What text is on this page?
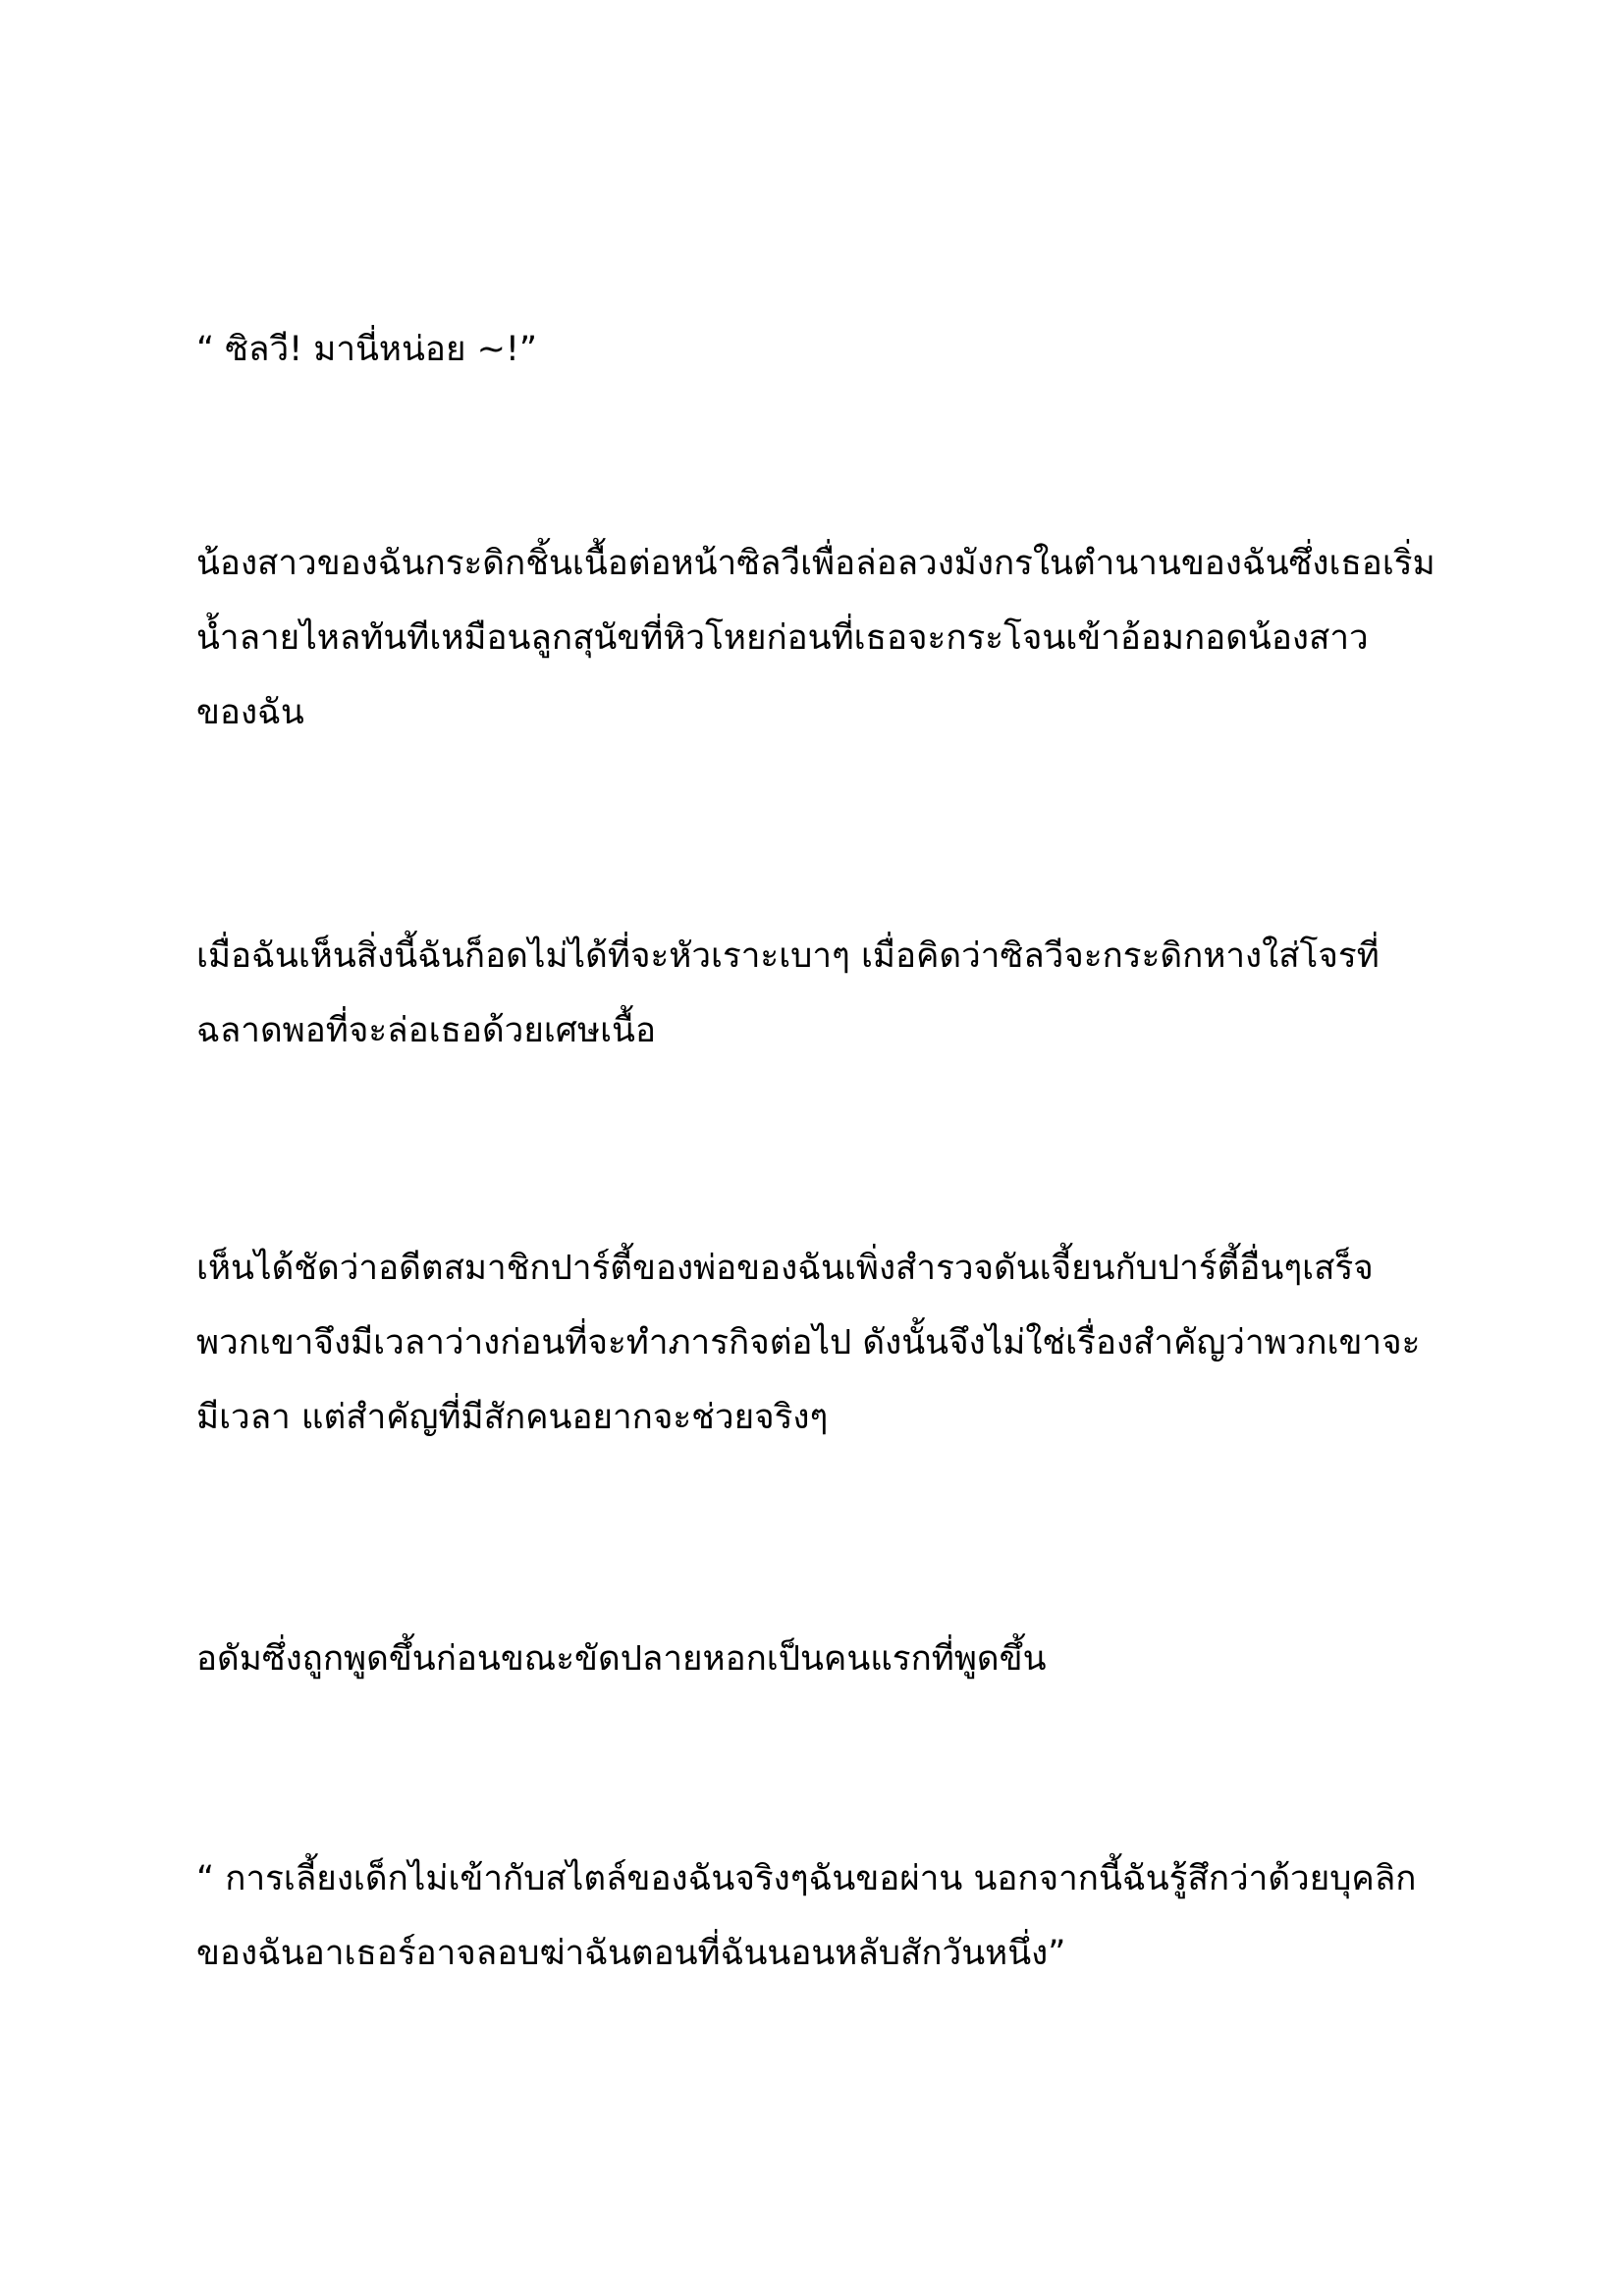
“ ซิลวี! มานี่หน่อย ~!”

น้องสาวของฉันกระดิกชิ้นเนื้อต่อหน้าซิลวีเพื่อล่อลวงมังกรในตำนานของฉันซึ่งเธอเริ่ม
น้ำลายไหลทันทีเหมือนลูกสุนัขที่หิวโหยก่อนที่เธอจะกระโจนเข้าอ้อมกอดน้องสาว
ของฉัน

เมื่อฉันเห็นสิ่งนี้ฉันก็อดไม่ได้ที่จะหัวเราะเบาๆ เมื่อคิดว่าซิลวีจะกระดิกหางใส่โจรที่
ฉลาดพอที่จะล่อเธอด้วยเศษเนื้อ

เห็นได้ชัดว่าอดีตสมาชิกปาร์ตี้ของพ่อของฉันเพิ่งสำรวจดันเจี้ยนกับปาร์ตี้อื่นๆเสร็จ
พวกเขาจึงมีเวลาว่างก่อนที่จะทำภารกิจต่อไป ดังนั้นจึงไม่ใช่เรื่องสำคัญว่าพวกเขาจะ
มีเวลา แต่สำคัญที่มีสักคนอยากจะช่วยจริงๆ

อดัมซึ่งถูกพูดขึ้นก่อนขณะขัดปลายหอกเป็นคนแรกที่พูดขึ้น

“ การเลี้ยงเด็กไม่เข้ากับสไตล์ของฉันจริงๆฉันขอผ่าน นอกจากนี้ฉันรู้สึกว่าด้วยบุคลิก
ของฉันอาเธอร์อาจลอบฆ่าฉันตอนที่ฉันนอนหลับสักวันหนึ่ง”
